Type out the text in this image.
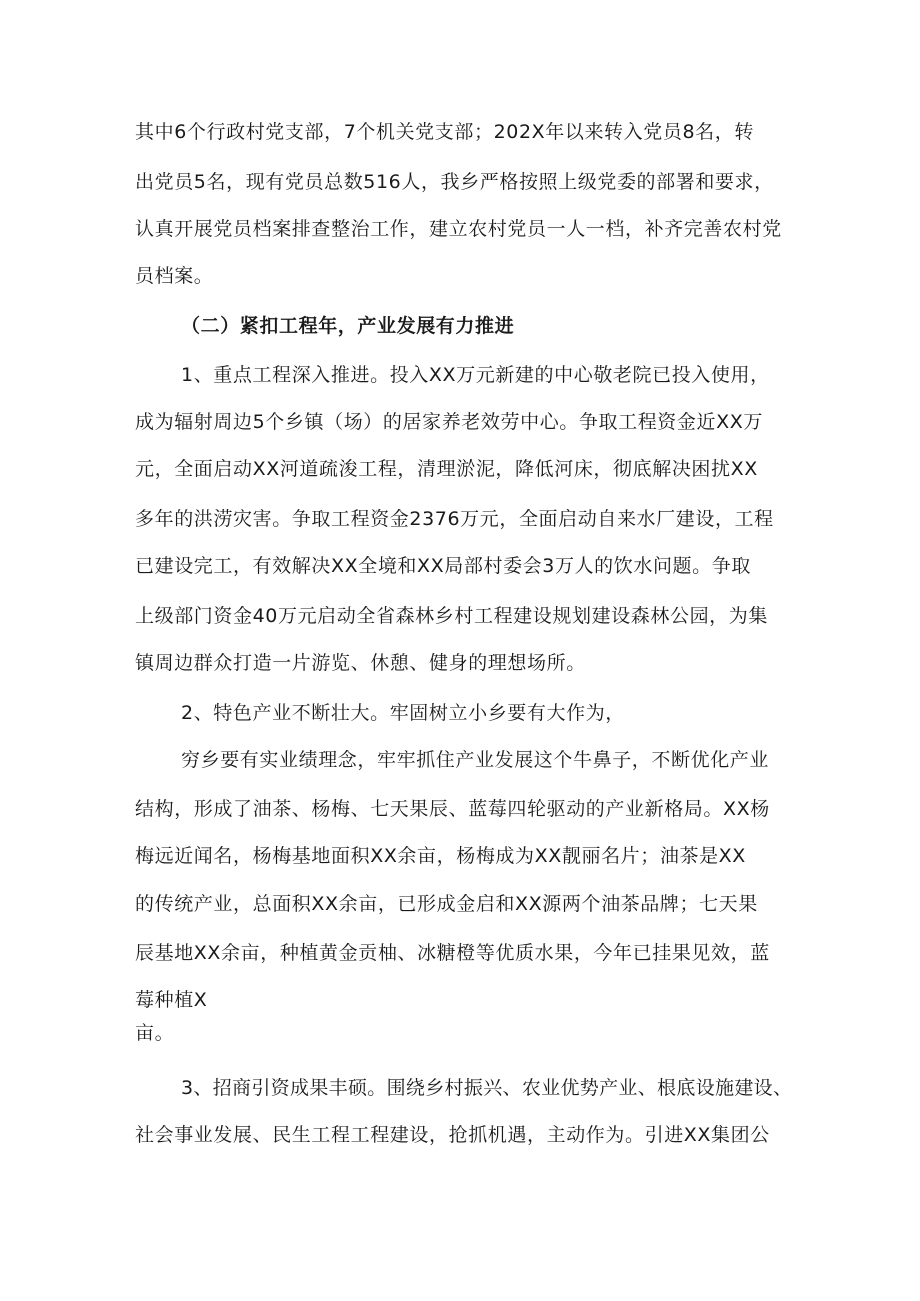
其中6个行政村党支部，7个机关党支部；202X年以来转入党员8名，转
出党员5名，现有党员总数516人，我乡严格按照上级党委的部署和要求，
认真开展党员档案排查整治工作，建立农村党员一人一档，补齐完善农村党
员档案。
（二）紧扣工程年，产业发展有力推进
1、重点工程深入推进。投入XX万元新建的中心敬老院已投入使用，
成为辐射周边5个乡镇（场）的居家养老效劳中心。争取工程资金近XX万
元，全面启动XX河道疏浚工程，清理淤泥，降低河床，彻底解决困扰XX
多年的洪涝灾害。争取工程资金2376万元，全面启动自来水厂建设，工程
已建设完工，有效解决XX全境和XX局部村委会3万人的饮水问题。争取
上级部门资金40万元启动全省森林乡村工程建设规划建设森林公园，为集
镇周边群众打造一片游览、休憩、健身的理想场所。
2、特色产业不断壮大。牢固树立小乡要有大作为，
穷乡要有实业绩理念，牢牢抓住产业发展这个牛鼻子，不断优化产业
结构，形成了油茶、杨梅、七天果辰、蓝莓四轮驱动的产业新格局。XX杨
梅远近闻名，杨梅基地面积XX余亩，杨梅成为XX靓丽名片；油茶是XX
的传统产业，总面积XX余亩，已形成金启和XX源两个油茶品牌；七天果
辰基地XX余亩，种植黄金贡柚、冰糖橙等优质水果，今年已挂果见效，蓝
莓种植X
亩。
3、招商引资成果丰硕。围绕乡村振兴、农业优势产业、根底设施建设、
社会事业发展、民生工程工程建设，抢抓机遇，主动作为。引进XX集团公
